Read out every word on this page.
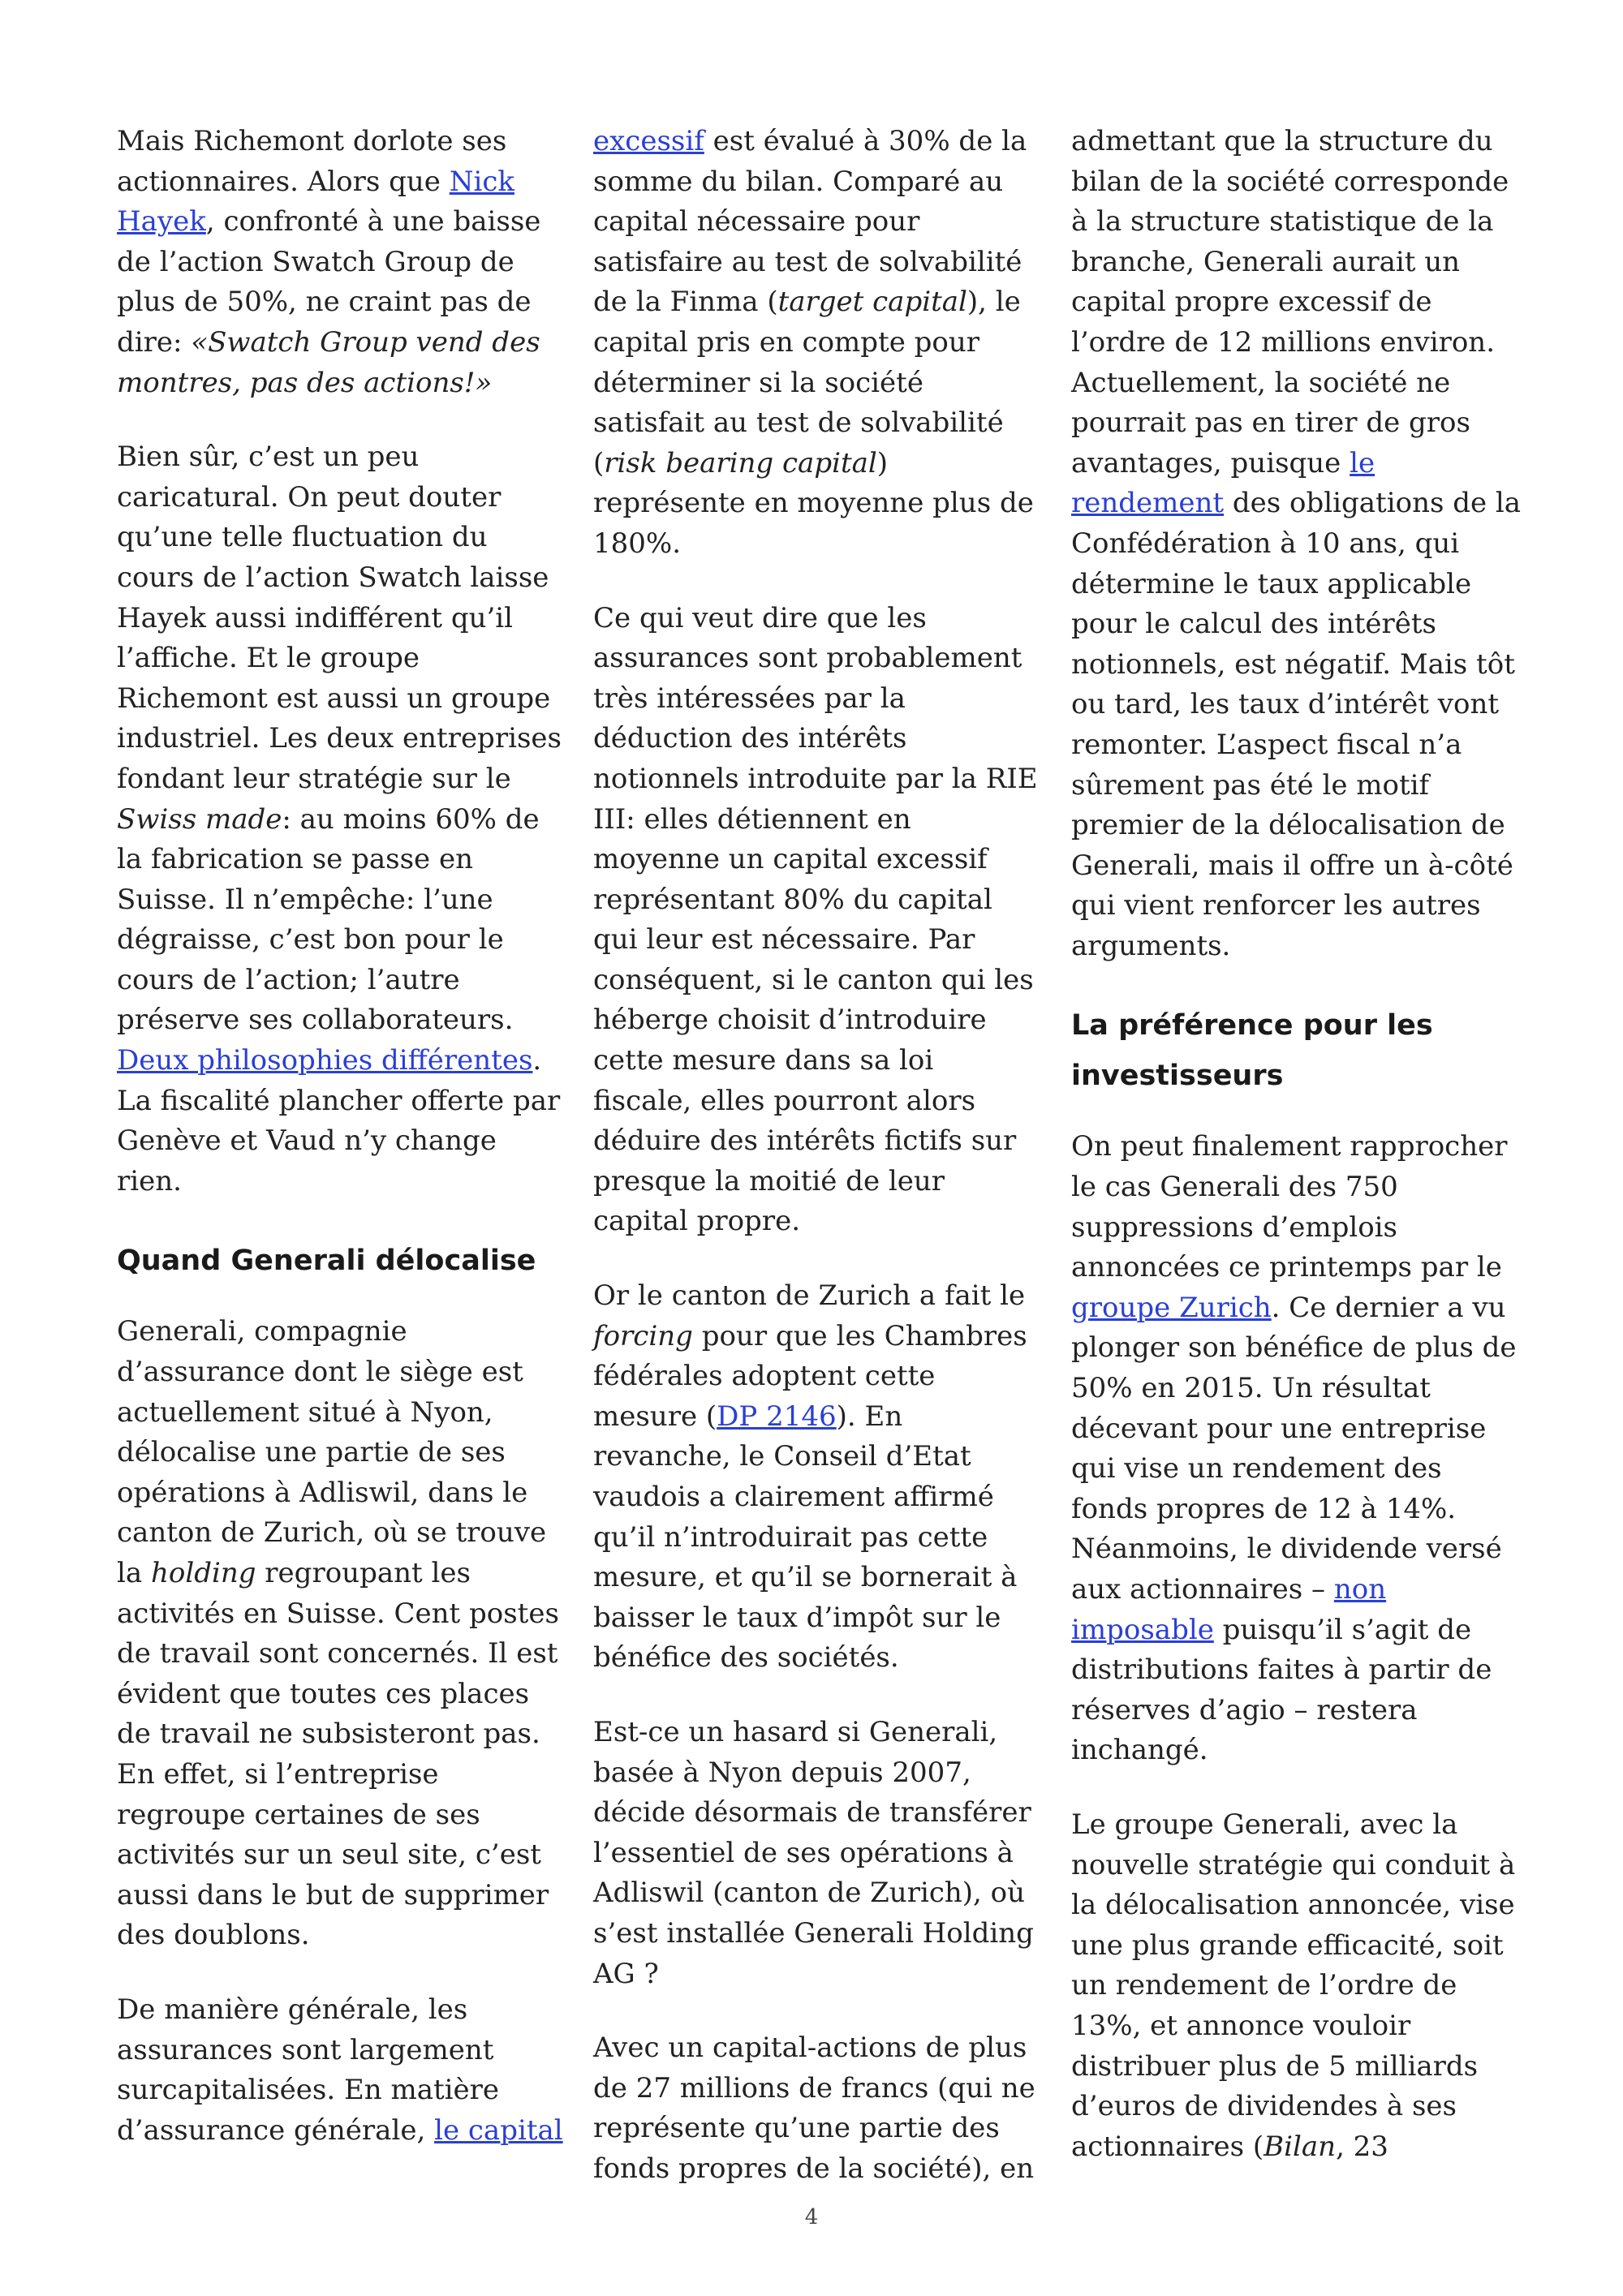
Mais Richemont dorlote ses actionnaires. Alors que Nick Hayek, confronté à une baisse de l’action Swatch Group de plus de 50%, ne craint pas de dire: «Swatch Group vend des montres, pas des actions!»

Bien sûr, c’est un peu caricatural. On peut douter qu’une telle fluctuation du cours de l’action Swatch laisse Hayek aussi indifférent qu’il l’affiche. Et le groupe Richemont est aussi un groupe industriel. Les deux entreprises fondant leur stratégie sur le Swiss made: au moins 60% de la fabrication se passe en Suisse. Il n’empêche: l’une dégraisse, c’est bon pour le cours de l’action; l’autre préserve ses collaborateurs. Deux philosophies différentes. La fiscalité plancher offerte par Genève et Vaud n’y change rien.

Quand Generali délocalise

Generali, compagnie d’assurance dont le siège est actuellement situé à Nyon, délocalise une partie de ses opérations à Adliswil, dans le canton de Zurich, où se trouve la holding regroupant les activités en Suisse. Cent postes de travail sont concernés. Il est évident que toutes ces places de travail ne subsisteront pas. En effet, si l’entreprise regroupe certaines de ses activités sur un seul site, c’est aussi dans le but de supprimer des doublons.

De manière générale, les assurances sont largement surcapitalisées. En matière d’assurance générale, le capital

excessif est évalué à 30% de la somme du bilan. Comparé au capital nécessaire pour satisfaire au test de solvabilité de la Finma (target capital), le capital pris en compte pour déterminer si la société satisfait au test de solvabilité (risk bearing capital) représente en moyenne plus de 180%.

Ce qui veut dire que les assurances sont probablement très intéressées par la déduction des intérêts notionnels introduite par la RIE III: elles détiennent en moyenne un capital excessif représentant 80% du capital qui leur est nécessaire. Par conséquent, si le canton qui les héberge choisit d’introduire cette mesure dans sa loi fiscale, elles pourront alors déduire des intérêts fictifs sur presque la moitié de leur capital propre.

Or le canton de Zurich a fait le forcing pour que les Chambres fédérales adoptent cette mesure (DP 2146). En revanche, le Conseil d’Etat vaudois a clairement affirmé qu’il n’introduirait pas cette mesure, et qu’il se bornerait à baisser le taux d’impôt sur le bénéfice des sociétés.

Est-ce un hasard si Generali, basée à Nyon depuis 2007, décide désormais de transférer l’essentiel de ses opérations à Adliswil (canton de Zurich), où s’est installée Generali Holding AG ?

Avec un capital-actions de plus de 27 millions de francs (qui ne représente qu’une partie des fonds propres de la société), en

admettant que la structure du bilan de la société correspondе à la structure statistique de la branche, Generali aurait un capital propre excessif de l’ordre de 12 millions environ. Actuellement, la société ne pourrait pas en tirer de gros avantages, puisque le rendement des obligations de la Confédération à 10 ans, qui détermine le taux applicable pour le calcul des intérêts notionnels, est négatif. Mais tôt ou tard, les taux d’intérêt vont remonter. L’aspect fiscal n’a sûrement pas été le motif premier de la délocalisation de Generali, mais il offre un à-côté qui vient renforcer les autres arguments.

La préférence pour les investisseurs

On peut finalement rapprocher le cas Generali des 750 suppressions d’emplois annoncées ce printemps par le groupe Zurich. Ce dernier a vu plonger son bénéfice de plus de 50% en 2015. Un résultat décevant pour une entreprise qui vise un rendement des fonds propres de 12 à 14%. Néanmoins, le dividende versé aux actionnaires – non imposable puisqu’il s’agit de distributions faites à partir de réserves d’agio – restera inchangé.

Le groupe Generali, avec la nouvelle stratégie qui conduit à la délocalisation annoncée, vise une plus grande efficacité, soit un rendement de l’ordre de 13%, et annonce vouloir distribuer plus de 5 milliards d’euros de dividendes à ses actionnaires (Bilan, 23

4
